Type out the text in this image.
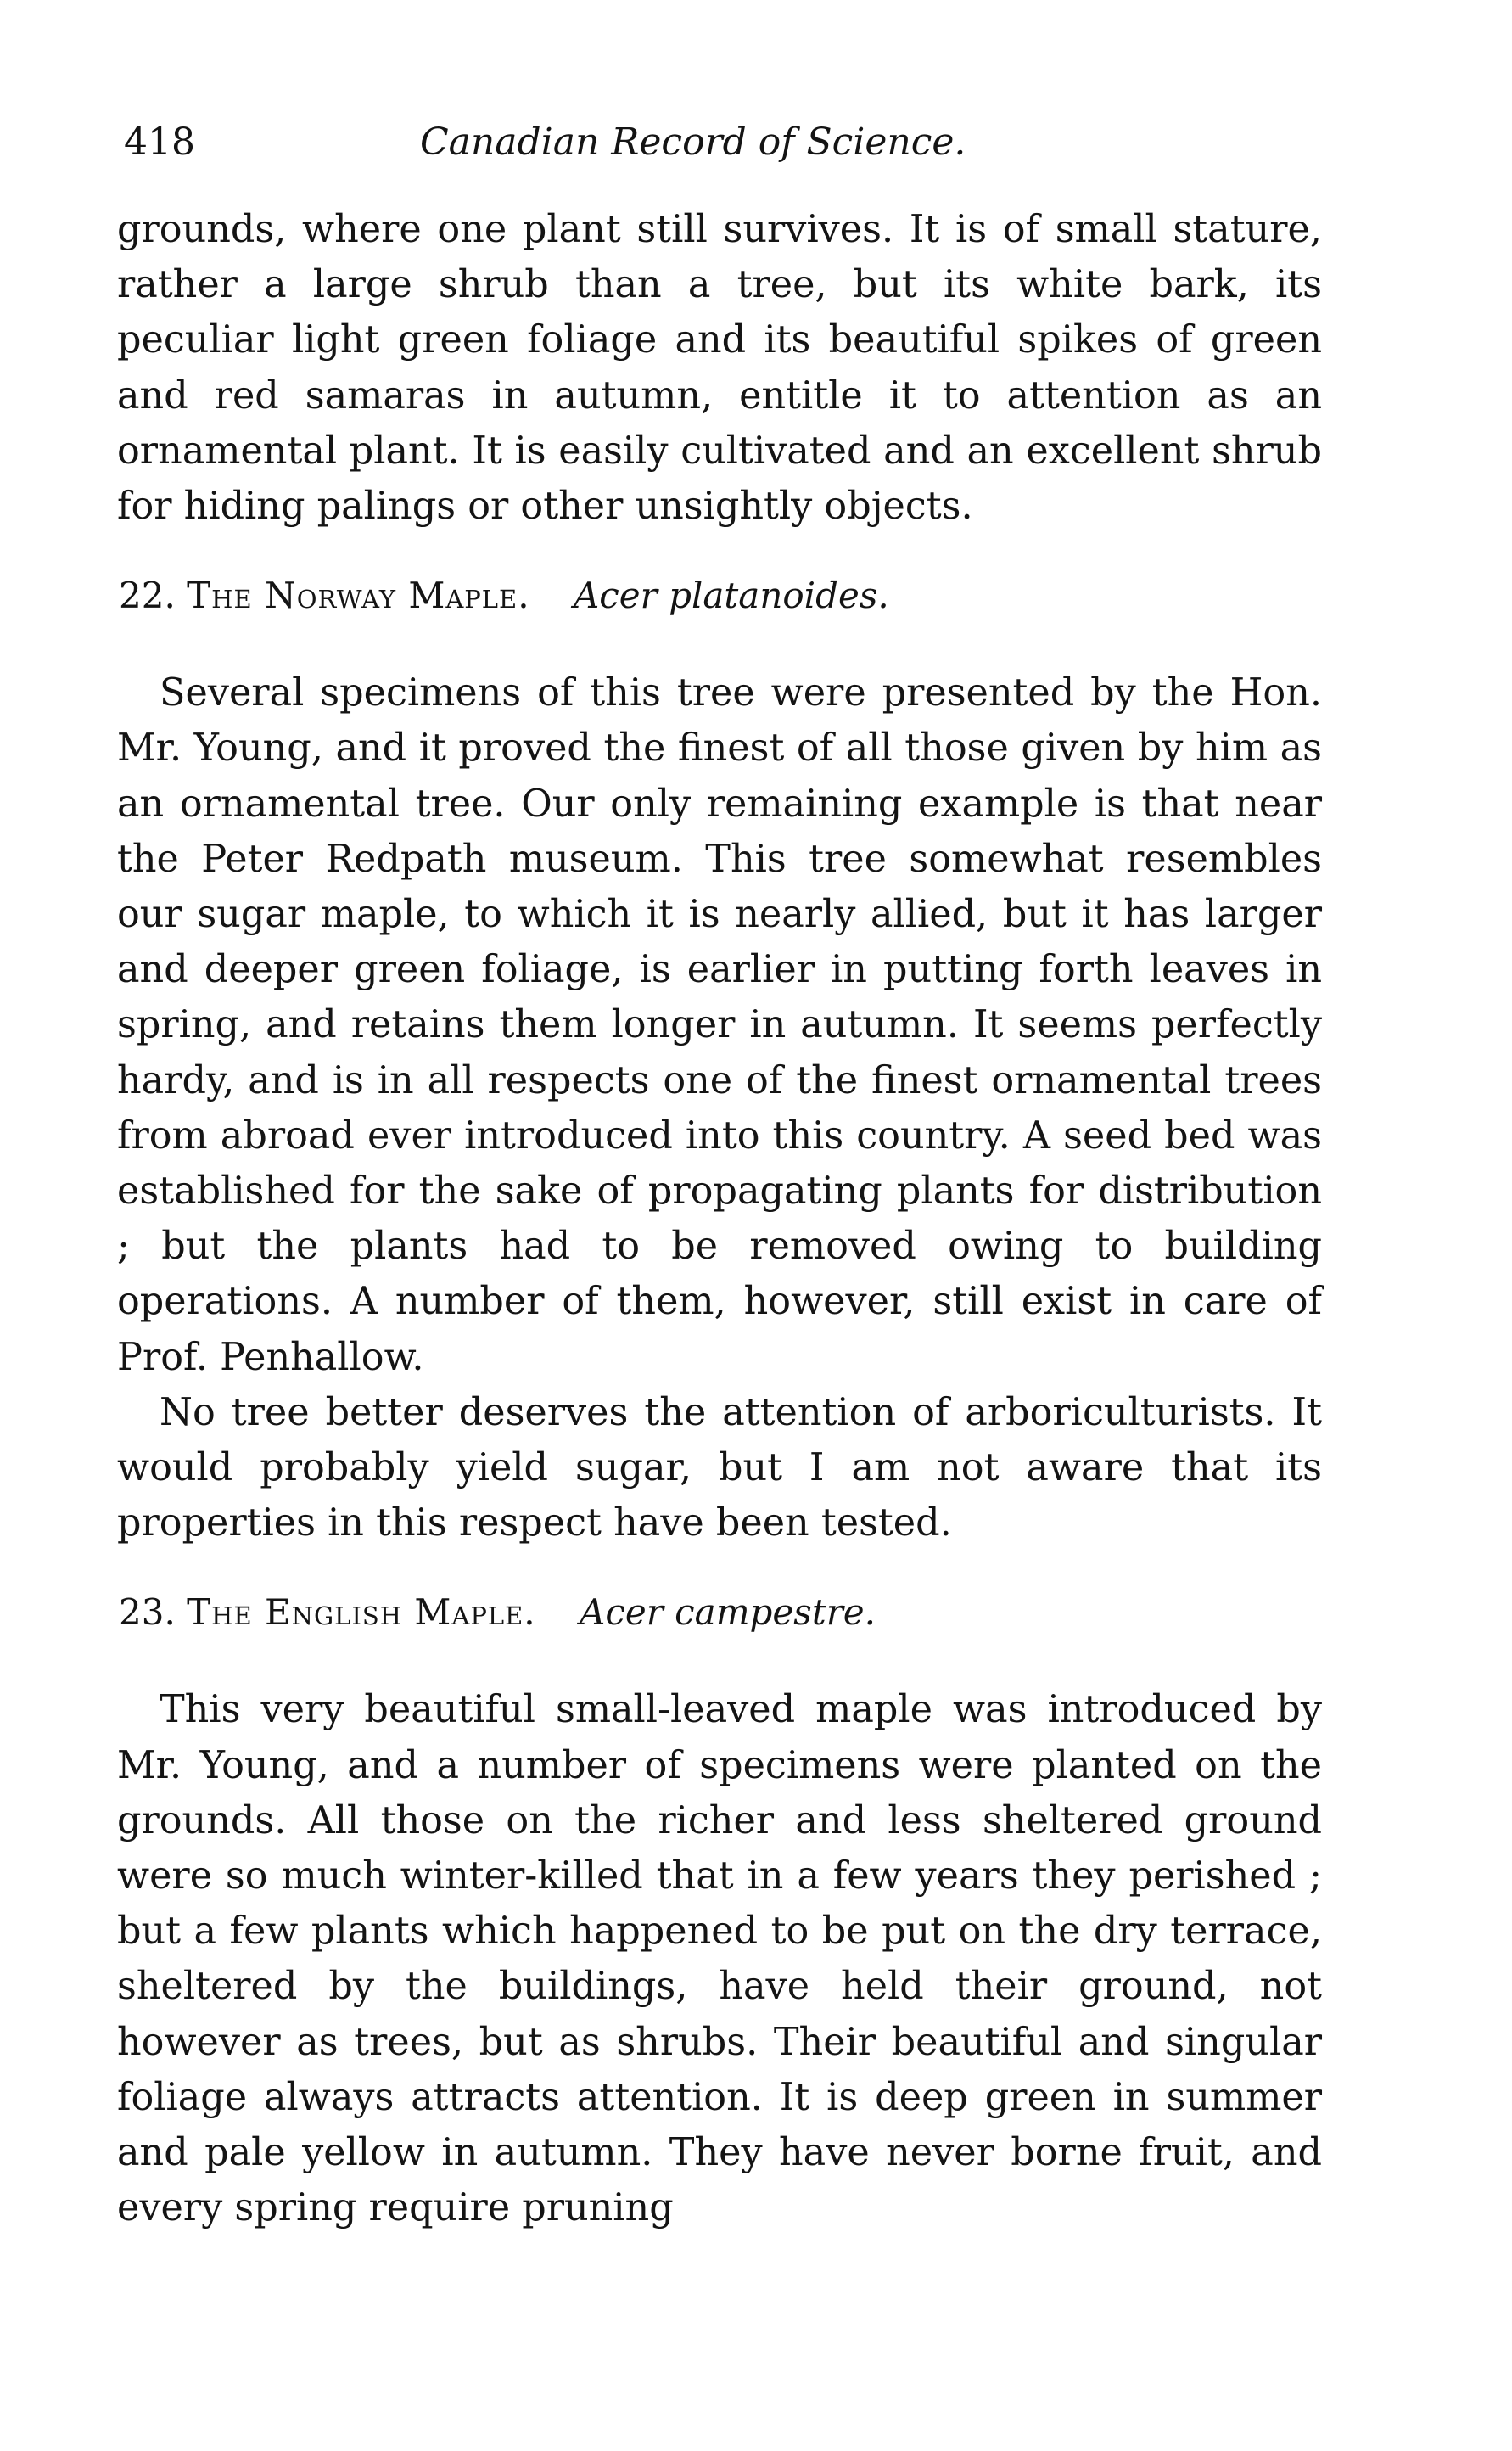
418	Canadian Record of Science.

grounds, where one plant still survives. It is of small stature, rather a large shrub than a tree, but its white bark, its peculiar light green foliage and its beautiful spikes of green and red samaras in autumn, entitle it to attention as an ornamental plant. It is easily cultivated and an excellent shrub for hiding palings or other unsightly objects.

22. The Norway Maple. Acer platanoides.

Several specimens of this tree were presented by the Hon. Mr. Young, and it proved the finest of all those given by him as an ornamental tree. Our only remaining example is that near the Peter Redpath museum. This tree somewhat resembles our sugar maple, to which it is nearly allied, but it has larger and deeper green foliage, is earlier in putting forth leaves in spring, and retains them longer in autumn. It seems perfectly hardy, and is in all respects one of the finest ornamental trees from abroad ever introduced into this country. A seed bed was established for the sake of propagating plants for distribution ; but the plants had to be removed owing to building operations. A number of them, however, still exist in care of Prof. Penhallow.

No tree better deserves the attention of arboriculturists. It would probably yield sugar, but I am not aware that its properties in this respect have been tested.

23. The English Maple. Acer campestre.

This very beautiful small-leaved maple was introduced by Mr. Young, and a number of specimens were planted on the grounds. All those on the richer and less sheltered ground were so much winter-killed that in a few years they perished ; but a few plants which happened to be put on the dry terrace, sheltered by the buildings, have held their ground, not however as trees, but as shrubs. Their beautiful and singular foliage always attracts attention. It is deep green in summer and pale yellow in autumn. They have never borne fruit, and every spring require pruning
